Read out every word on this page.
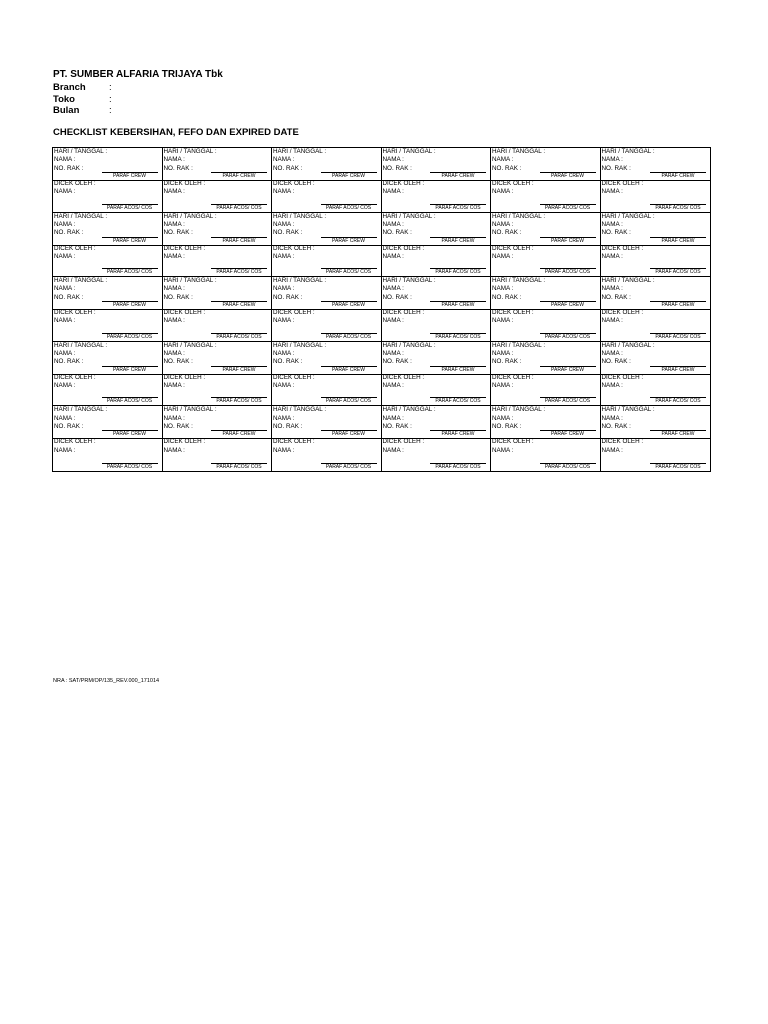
PT. SUMBER ALFARIA TRIJAYA Tbk
Branch :
Toko	:
Bulan	:
CHECKLIST KEBERSIHAN, FEFO DAN EXPIRED DATE
HARI / TANGGAL :
NAMA :
NO. RAK :
PARAF CREW
DICEK OLEH :
NAMA :
PARAF ACOS/ COS
HARI / TANGGAL :
NAMA :
NO. RAK :
PARAF CREW
DICEK OLEH :
NAMA :
PARAF ACOS/ COS
HARI / TANGGAL :
NAMA :
NO. RAK :
PARAF CREW
DICEK OLEH :
NAMA :
PARAF ACOS/ COS
HARI / TANGGAL :
NAMA :
NO. RAK :
PARAF CREW
DICEK OLEH :
NAMA :
PARAF ACOS/ COS
HARI / TANGGAL :
NAMA :
NO. RAK :
PARAF CREW
DICEK OLEH :
NAMA :
PARAF ACOS/ COS
HARI / TANGGAL :
NAMA :
NO. RAK :
PARAF CREW
DICEK OLEH :
NAMA :
PARAF ACOS/ COS
HARI / TANGGAL :
NAMA :
NO. RAK :
PARAF CREW
DICEK OLEH :
NAMA :
PARAF ACOS/ COS
HARI / TANGGAL :
NAMA :
NO. RAK :
PARAF CREW
DICEK OLEH :
NAMA :
PARAF ACOS/ COS
HARI / TANGGAL :
NAMA :
NO. RAK :
PARAF CREW
DICEK OLEH :
NAMA :
PARAF ACOS/ COS
HARI / TANGGAL :
NAMA :
NO. RAK :
PARAF CREW
DICEK OLEH :
NAMA :
PARAF ACOS/ COS
HARI / TANGGAL :
NAMA :
NO. RAK :
PARAF CREW
DICEK OLEH :
NAMA :
PARAF ACOS/ COS
HARI / TANGGAL :
NAMA :
NO. RAK :
PARAF CREW
DICEK OLEH :
NAMA :
PARAF ACOS/ COS
HARI / TANGGAL :
NAMA :
NO. RAK :
PARAF CREW
DICEK OLEH :
NAMA :
PARAF ACOS/ COS
HARI / TANGGAL :
NAMA :
NO. RAK :
PARAF CREW
DICEK OLEH :
NAMA :
PARAF ACOS/ COS
HARI / TANGGAL :
NAMA :
NO. RAK :
PARAF CREW
DICEK OLEH :
NAMA :
PARAF ACOS/ COS
HARI / TANGGAL :
NAMA :
NO. RAK :
PARAF CREW
DICEK OLEH :
NAMA :
PARAF ACOS/ COS
HARI / TANGGAL :
NAMA :
NO. RAK :
PARAF CREW
DICEK OLEH :
NAMA :
PARAF ACOS/ COS
HARI / TANGGAL :
NAMA :
NO. RAK :
PARAF CREW
DICEK OLEH :
NAMA :
PARAF ACOS/ COS
HARI / TANGGAL :
NAMA :
NO. RAK :
PARAF CREW
DICEK OLEH :
NAMA :
PARAF ACOS/ COS
HARI / TANGGAL :
NAMA :
NO. RAK :
PARAF CREW
DICEK OLEH :
NAMA :
PARAF ACOS/ COS
HARI / TANGGAL :
NAMA :
NO. RAK :
PARAF CREW
DICEK OLEH :
NAMA :
PARAF ACOS/ COS
HARI / TANGGAL :
NAMA :
NO. RAK :
PARAF CREW
DICEK OLEH :
NAMA :
PARAF ACOS/ COS
HARI / TANGGAL :
NAMA :
NO. RAK :
PARAF CREW
DICEK OLEH :
NAMA :
PARAF ACOS/ COS
HARI / TANGGAL :
NAMA :
NO. RAK :
PARAF CREW
DICEK OLEH :
NAMA :
PARAF ACOS/ COS
HARI / TANGGAL :
NAMA :
NO. RAK :
PARAF CREW
DICEK OLEH :
NAMA :
PARAF ACOS/ COS
HARI / TANGGAL :
NAMA :
NO. RAK :
PARAF CREW
DICEK OLEH :
NAMA :
PARAF ACOS/ COS
HARI / TANGGAL :
NAMA :
NO. RAK :
PARAF CREW
DICEK OLEH :
NAMA :
PARAF ACOS/ COS
HARI / TANGGAL :
NAMA :
NO. RAK :
PARAF CREW
DICEK OLEH :
NAMA :
PARAF ACOS/ COS
HARI / TANGGAL :
NAMA :
NO. RAK :
PARAF CREW
DICEK OLEH :
NAMA :
PARAF ACOS/ COS
HARI / TANGGAL :
NAMA :
NO. RAK :
PARAF CREW
DICEK OLEH :
NAMA :
PARAF ACOS/ COS
NRA : SAT/PRM/OP/135_REV.000_171014
